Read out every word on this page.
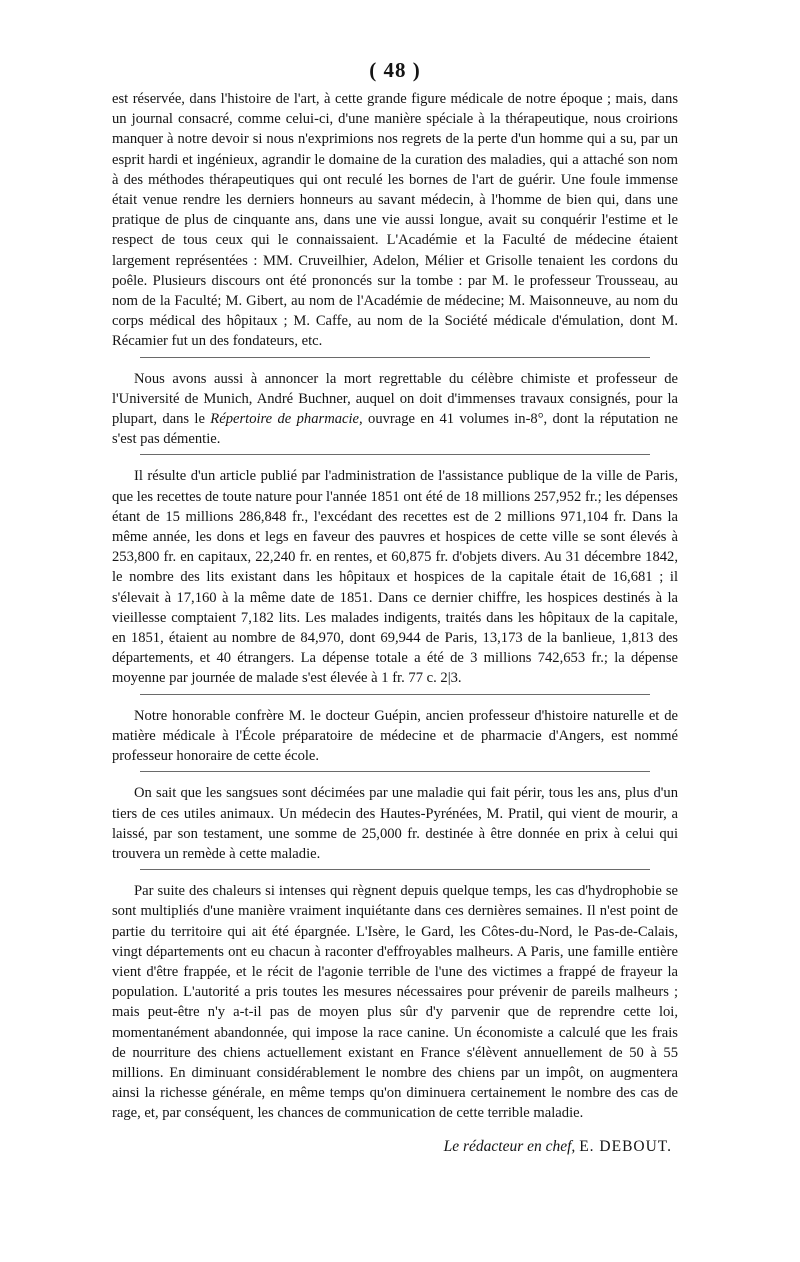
( 48 )

est réservée, dans l'histoire de l'art, à cette grande figure médicale de notre époque ; mais, dans un journal consacré, comme celui-ci, d'une manière spéciale à la thérapeutique, nous croirions manquer à notre devoir si nous n'exprimions nos regrets de la perte d'un homme qui a su, par un esprit hardi et ingénieux, agrandir le domaine de la curation des maladies, qui a attaché son nom à des méthodes thérapeutiques qui ont reculé les bornes de l'art de guérir. Une foule immense était venue rendre les derniers honneurs au savant médecin, à l'homme de bien qui, dans une pratique de plus de cinquante ans, dans une vie aussi longue, avait su conquérir l'estime et le respect de tous ceux qui le connaissaient. L'Académie et la Faculté de médecine étaient largement représentées : MM. Cruveilhier, Adelon, Mélier et Grisolle tenaient les cordons du poêle. Plusieurs discours ont été prononcés sur la tombe : par M. le professeur Trousseau, au nom de la Faculté; M. Gibert, au nom de l'Académie de médecine; M. Maisonneuve, au nom du corps médical des hôpitaux ; M. Caffe, au nom de la Société médicale d'émulation, dont M. Récamier fut un des fondateurs, etc.

Nous avons aussi à annoncer la mort regrettable du célèbre chimiste et professeur de l'Université de Munich, André Buchner, auquel on doit d'immenses travaux consignés, pour la plupart, dans le Répertoire de pharmacie, ouvrage en 41 volumes in-8°, dont la réputation ne s'est pas démentie.

Il résulte d'un article publié par l'administration de l'assistance publique de la ville de Paris, que les recettes de toute nature pour l'année 1851 ont été de 18 millions 257,952 fr.; les dépenses étant de 15 millions 286,848 fr., l'excédant des recettes est de 2 millions 971,104 fr. Dans la même année, les dons et legs en faveur des pauvres et hospices de cette ville se sont élevés à 253,800 fr. en capitaux, 22,240 fr. en rentes, et 60,875 fr. d'objets divers. Au 31 décembre 1842, le nombre des lits existant dans les hôpitaux et hospices de la capitale était de 16,681 ; il s'élevait à 17,160 à la même date de 1851. Dans ce dernier chiffre, les hospices destinés à la vieillesse comptaient 7,182 lits. Les malades indigents, traités dans les hôpitaux de la capitale, en 1851, étaient au nombre de 84,970, dont 69,944 de Paris, 13,173 de la banlieue, 1,813 des départements, et 40 étrangers. La dépense totale a été de 3 millions 742,653 fr.; la dépense moyenne par journée de malade s'est élevée à 1 fr. 77 c. 2|3.

Notre honorable confrère M. le docteur Guépin, ancien professeur d'histoire naturelle et de matière médicale à l'École préparatoire de médecine et de pharmacie d'Angers, est nommé professeur honoraire de cette école.

On sait que les sangsues sont décimées par une maladie qui fait périr, tous les ans, plus d'un tiers de ces utiles animaux. Un médecin des Hautes-Pyrénées, M. Pratil, qui vient de mourir, a laissé, par son testament, une somme de 25,000 fr. destinée à être donnée en prix à celui qui trouvera un remède à cette maladie.

Par suite des chaleurs si intenses qui règnent depuis quelque temps, les cas d'hydrophobie se sont multipliés d'une manière vraiment inquiétante dans ces dernières semaines. Il n'est point de partie du territoire qui ait été épargnée. L'Isère, le Gard, les Côtes-du-Nord, le Pas-de-Calais, vingt départements ont eu chacun à raconter d'effroyables malheurs. A Paris, une famille entière vient d'être frappée, et le récit de l'agonie terrible de l'une des victimes a frappé de frayeur la population. L'autorité a pris toutes les mesures nécessaires pour prévenir de pareils malheurs ; mais peut-être n'y a-t-il pas de moyen plus sûr d'y parvenir que de reprendre cette loi, momentanément abandonnée, qui impose la race canine. Un économiste a calculé que les frais de nourriture des chiens actuellement existant en France s'élèvent annuellement de 50 à 55 millions. En diminuant considérablement le nombre des chiens par un impôt, on augmentera ainsi la richesse générale, en même temps qu'on diminuera certainement le nombre des cas de rage, et, par conséquent, les chances de communication de cette terrible maladie.

Le rédacteur en chef, E. DEBOUT.
